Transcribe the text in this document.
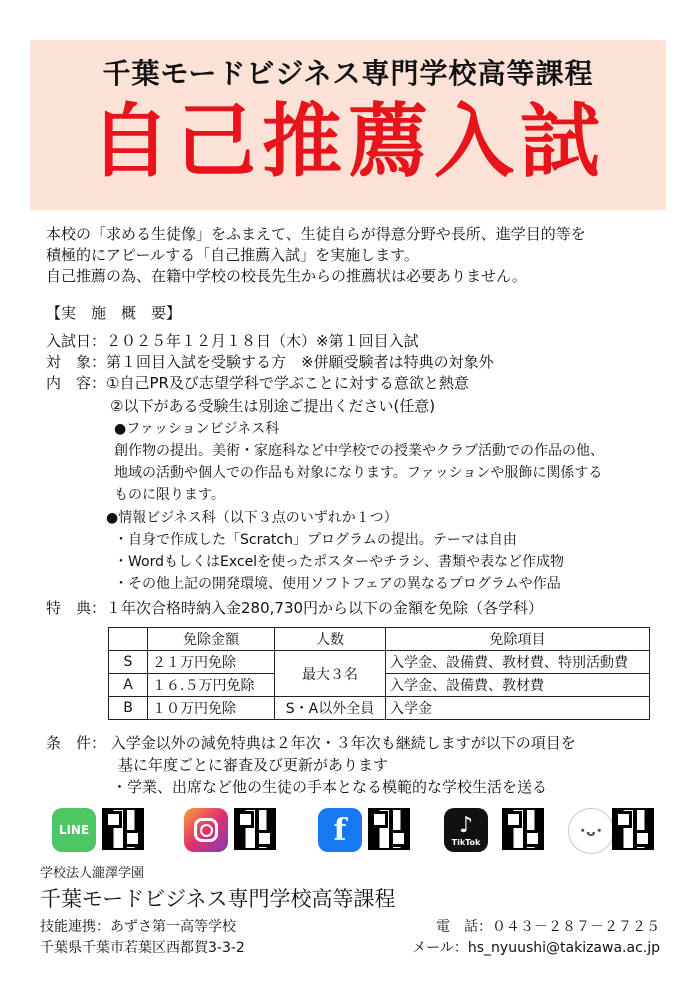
千葉モードビジネス専門学校高等課程
自己推薦入試

本校の「求める生徒像」をふまえて、生徒自らが得意分野や長所、進学目的等を

積極的にアピールする「自己推薦入試」を実施します。

自己推薦の為、在籍中学校の校長先生からの推薦状は必要ありません。

【実　施　概　要】
入試日：２０２５年１２月１８日（木）※第１回目入試
対　象：第１回目入試を受験する方　※併願受験者は特典の対象外
内　容：①自己PR及び志望学科で学ぶことに対する意欲と熱意
②以下がある受験生は別途ご提出ください(任意)
●ファッションビジネス科
創作物の提出。美術・家庭科など中学校での授業やクラブ活動での作品の他、
地域の活動や個人での作品も対象になります。ファッションや服飾に関係する
ものに限ります。
●情報ビジネス科（以下３点のいずれか１つ）
・自身で作成した「Scratch」プログラムの提出。テーマは自由
・WordもしくはExcelを使ったポスターやチラシ、書類や表など作成物
・その他上記の開発環境、使用ソフトフェアの異なるプログラムや作品
特　典：１年次合格時納入金280,730円から以下の金額を免除（各学科）
	免除金額	人数	免除項目
S	２１万円免除	最大３名	入学金、設備費、教材費、特別活動費
A	１６.５万円免除		入学金、設備費、教材費
B	１０万円免除	S・A以外全員	入学金
条　件： 入学金以外の減免特典は２年次・３年次も継続しますが以下の項目を
基に年度ごとに審査及び更新があります
・学業、出席など他の生徒の手本となる模範的な学校生活を送る
LINE	f	♪
TikTok
･ᴗ･
学校法人瀧澤学園
千葉モードビジネス専門学校高等課程
技能連携：あずさ第一高等学校	電　話：０４３－２８７－２７２５
千葉県千葉市若葉区西都賀3-3-2	メール：hs_nyuushi@takizawa.ac.jp
